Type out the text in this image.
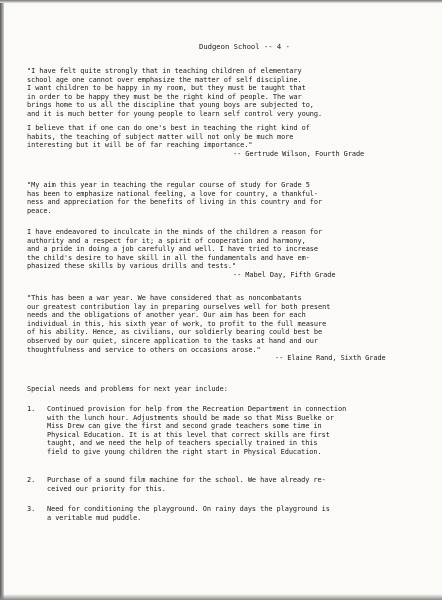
Dudgeon School -- 4 -
"I have felt quite strongly that in teaching children of elementary
school age one cannot over emphasize the matter of self discipline.
I want children to be happy in my room, but they must be taught that
in order to be happy they must be the right kind of people. The war
brings home to us all the discipline that young boys are subjected to,
and it is much better for young people to learn self control very young.
I believe that if one can do one's best in teaching the right kind of
habits, the teaching of subject matter will not only be much more
interesting but it will be of far reaching importance."
-- Gertrude Wilson, Fourth Grade
"My aim this year in teaching the regular course of study for Grade 5
has been to emphasize national feeling, a love for country, a thankful-
ness and appreciation for the benefits of living in this country and for
peace.
I have endeavored to inculcate in the minds of the children a reason for
authority and a respect for it; a spirit of cooperation and harmony,
and a pride in doing a job carefully and well. I have tried to increase
the child's desire to have skill in all the fundamentals and have em-
phasized these skills by various drills and tests."
-- Mabel Day, Fifth Grade
"This has been a war year. We have considered that as noncombatants
our greatest contribution lay in preparing ourselves well for both present
needs and the obligations of another year. Our aim has been for each
individual in this, his sixth year of work, to profit to the full measure
of his ability. Hence, as civilians, our soldierly bearing could best be
observed by our quiet, sincere application to the tasks at hand and our
thoughtfulness and service to others on occasions arose."
-- Elaine Rand, Sixth Grade
Special needs and problems for next year include:
1.	Continued provision for help from the Recreation Department in connection
with the lunch hour. Adjustments should be made so that Miss Buelke or
Miss Drew can give the first and second grade teachers some time in
Physical Education. It is at this level that correct skills are first
taught, and we need the help of teachers specially trained in this
field to give young children the right start in Physical Education.
2.	Purchase of a sound film machine for the school. We have already re-
ceived our priority for this.
3.	Need for conditioning the playground. On rainy days the playground is
a veritable mud puddle.
